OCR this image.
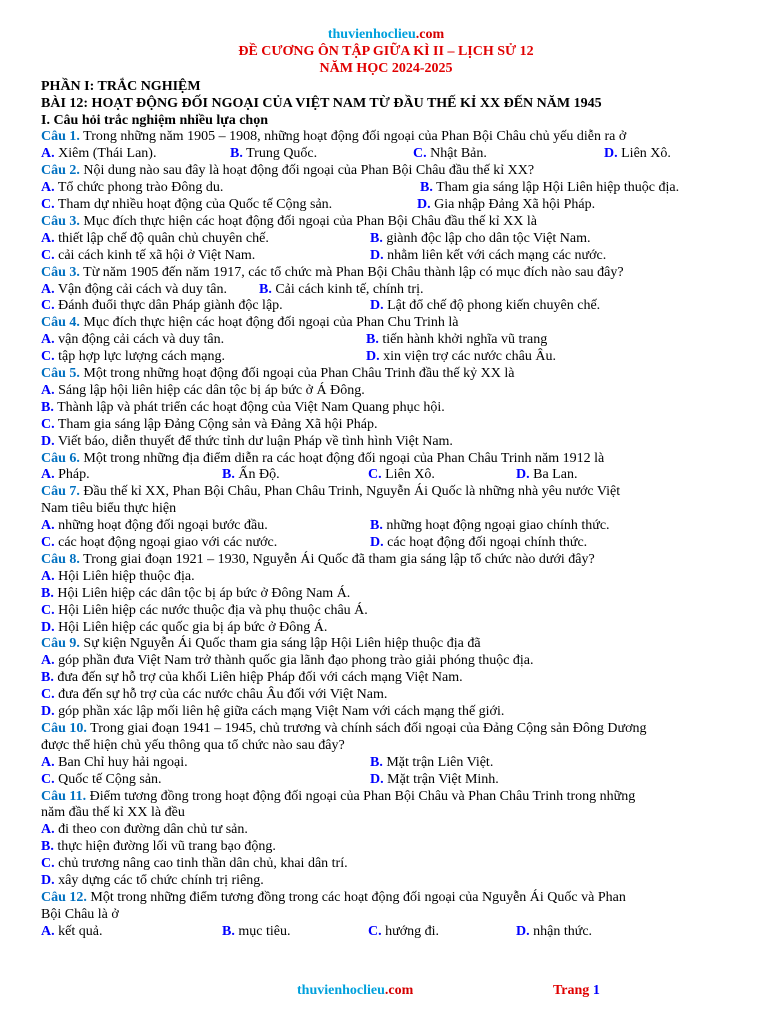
thuvienhoclieu.com
ĐỀ CƯƠNG ÔN TẬP GIỮA KÌ II – LỊCH SỬ 12
NĂM HỌC 2024-2025
PHẦN I: TRẮC NGHIỆM
BÀI 12: HOẠT ĐỘNG ĐỐI NGOẠI CỦA VIỆT NAM TỪ ĐẦU THẾ KỈ XX ĐẾN NĂM 1945
I. Câu hỏi trắc nghiệm nhiều lựa chọn
Câu 1. Trong những năm 1905 – 1908, những hoạt động đối ngoại của Phan Bội Châu chủ yếu diễn ra ở
A. Xiêm (Thái Lan).	B. Trung Quốc.	C. Nhật Bản.	D. Liên Xô.
Câu 2. Nội dung nào sau đây là hoạt động đối ngoại của Phan Bội Châu đầu thế kỉ XX?
A. Tổ chức phong trào Đông du.	B. Tham gia sáng lập Hội Liên hiệp thuộc địa.
C. Tham dự nhiều hoạt động của Quốc tế Cộng sản.	D. Gia nhập Đảng Xã hội Pháp.
Câu 3. Mục đích thực hiện các hoạt động đối ngoại của Phan Bội Châu đầu thế kỉ XX là
A. thiết lập chế độ quân chủ chuyên chế.	B. giành độc lập cho dân tộc Việt Nam.
C. cải cách kinh tế xã hội ở Việt Nam.	D. nhằm liên kết với cách mạng các nước.
Câu 3. Từ năm 1905 đến năm 1917, các tổ chức mà Phan Bội Châu thành lập có mục đích nào sau đây?
A. Vận động cải cách và duy tân. B. Cải cách kinh tế, chính trị.
C. Đánh đuổi thực dân Pháp giành độc lập.	D. Lật đổ chế độ phong kiến chuyên chế.
Câu 4. Mục đích thực hiện các hoạt động đối ngoại của Phan Chu Trinh là
A. vận động cải cách và duy tân.	B. tiến hành khởi nghĩa vũ trang
C. tập hợp lực lượng cách mạng.	D. xin viện trợ các nước châu Âu.
Câu 5. Một trong những hoạt động đối ngoại của Phan Châu Trinh đầu thế kỷ XX là
A. Sáng lập hội liên hiệp các dân tộc bị áp bức ở Á Đông.
B. Thành lập và phát triển các hoạt động của Việt Nam Quang phục hội.
C. Tham gia sáng lập Đảng Cộng sản và Đảng Xã hội Pháp.
D. Viết báo, diễn thuyết để thức tỉnh dư luận Pháp về tình hình Việt Nam.
Câu 6. Một trong những địa điểm diễn ra các hoạt động đối ngoại của Phan Châu Trinh năm 1912 là
A. Pháp.	B. Ấn Độ.	C. Liên Xô.	D. Ba Lan.
Câu 7. Đầu thế kỉ XX, Phan Bội Châu, Phan Châu Trinh, Nguyễn Ái Quốc là những nhà yêu nước Việt
Nam tiêu biểu thực hiện
A. những hoạt động đối ngoại bước đầu.	B. những hoạt động ngoại giao chính thức.
C. các hoạt động ngoại giao với các nước.	D. các hoạt động đối ngoại chính thức.
Câu 8. Trong giai đoạn 1921 – 1930, Nguyễn Ái Quốc đã tham gia sáng lập tổ chức nào dưới đây?
A. Hội Liên hiệp thuộc địa.
B. Hội Liên hiệp các dân tộc bị áp bức ở Đông Nam Á.
C. Hội Liên hiệp các nước thuộc địa và phụ thuộc châu Á.
D. Hội Liên hiệp các quốc gia bị áp bức ở Đông Á.
Câu 9. Sự kiện Nguyễn Ái Quốc tham gia sáng lập Hội Liên hiệp thuộc địa đã
A. góp phần đưa Việt Nam trở thành quốc gia lãnh đạo phong trào giải phóng thuộc địa.
B. đưa đến sự hỗ trợ của khối Liên hiệp Pháp đối với cách mạng Việt Nam.
C. đưa đến sự hỗ trợ của các nước châu Âu đối với Việt Nam.
D. góp phần xác lập mối liên hệ giữa cách mạng Việt Nam với cách mạng thế giới.
Câu 10. Trong giai đoạn 1941 – 1945, chủ trương và chính sách đối ngoại của Đảng Cộng sản Đông Dương
được thể hiện chủ yếu thông qua tổ chức nào sau đây?
A. Ban Chỉ huy hải ngoại.	B. Mặt trận Liên Việt.
C. Quốc tế Cộng sản.	D. Mặt trận Việt Minh.
Câu 11. Điểm tương đồng trong hoạt động đối ngoại của Phan Bội Châu và Phan Châu Trinh trong những
năm đầu thế kỉ XX là đều
A. đi theo con đường dân chủ tư sản.
B. thực hiện đường lối vũ trang bạo động.
C. chủ trương nâng cao tinh thần dân chủ, khai dân trí.
D. xây dựng các tổ chức chính trị riêng.
Câu 12. Một trong những điểm tương đồng trong các hoạt động đối ngoại của Nguyễn Ái Quốc và Phan
Bội Châu là ở
A. kết quả.	B. mục tiêu.	C. hướng đi.	D. nhận thức.
thuvienhoclieu.com	Trang 1
